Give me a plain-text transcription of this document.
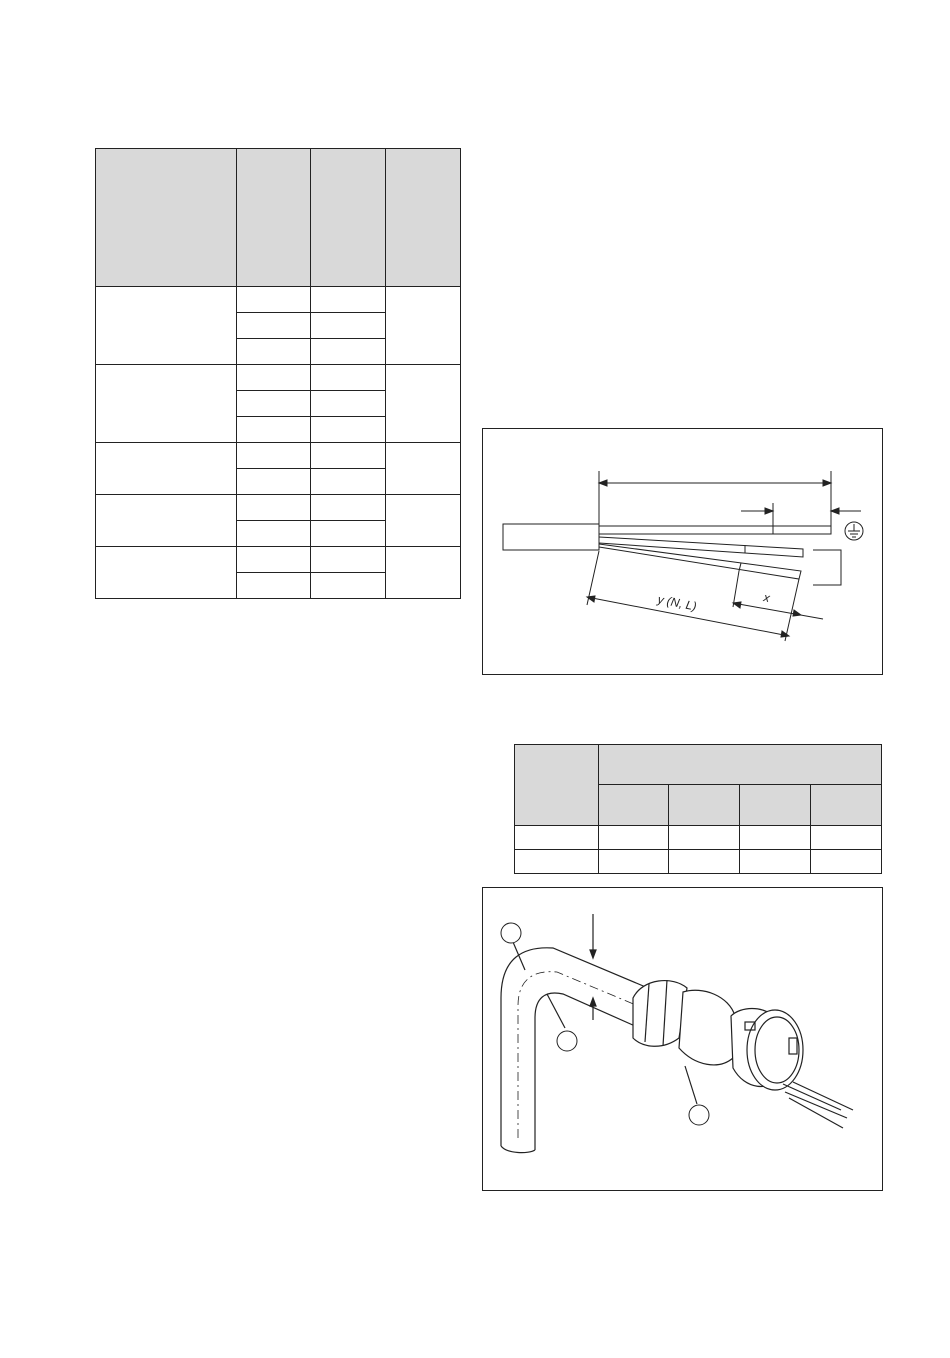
y (N, L)	x
